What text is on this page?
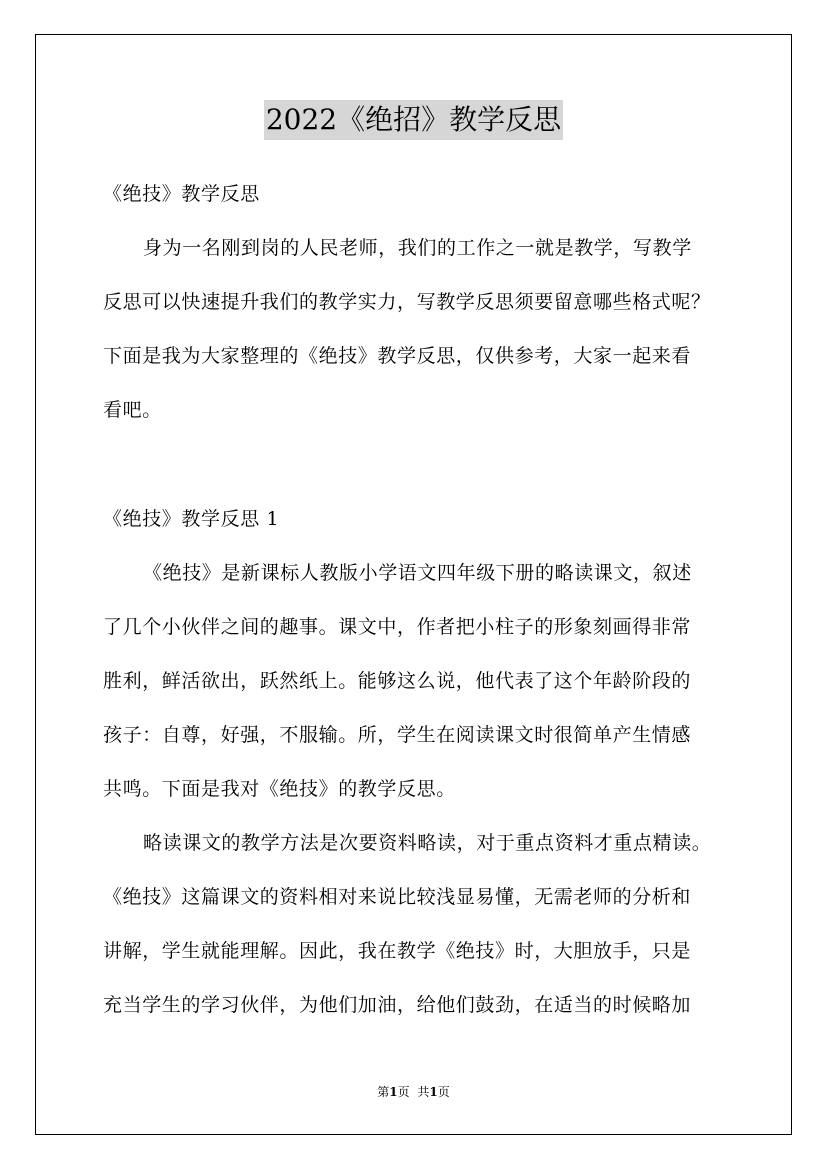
2022《绝招》教学反思
《绝技》教学反思
身为一名刚到岗的人民老师，我们的工作之一就是教学，写教学
反思可以快速提升我们的教学实力，写教学反思须要留意哪些格式呢？
下面是我为大家整理的《绝技》教学反思，仅供参考，大家一起来看
看吧。
《绝技》教学反思 1
《绝技》是新课标人教版小学语文四年级下册的略读课文，叙述
了几个小伙伴之间的趣事。课文中，作者把小柱子的形象刻画得非常
胜利，鲜活欲出，跃然纸上。能够这么说，他代表了这个年龄阶段的
孩子：自尊，好强，不服输。所，学生在阅读课文时很简单产生情感
共鸣。下面是我对《绝技》的教学反思。
略读课文的教学方法是次要资料略读，对于重点资料才重点精读。
《绝技》这篇课文的资料相对来说比较浅显易懂，无需老师的分析和
讲解，学生就能理解。因此，我在教学《绝技》时，大胆放手，只是
充当学生的学习伙伴，为他们加油，给他们鼓劲，在适当的时候略加
第1页 共1页
